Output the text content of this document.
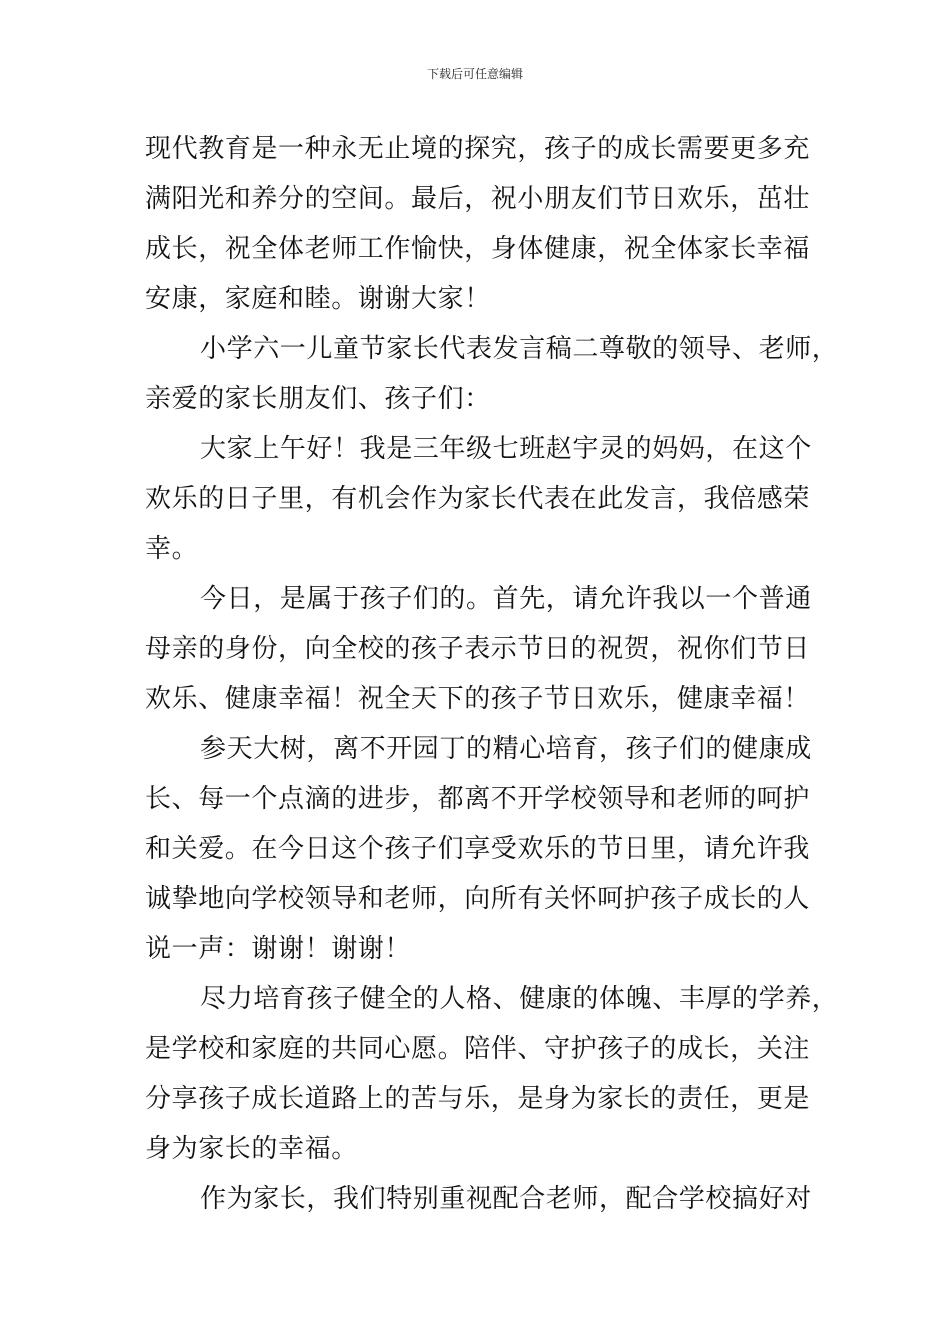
下载后可任意编辑

现代教育是一种永无止境的探究，孩子的成长需要更多充
满阳光和养分的空间。最后，祝小朋友们节日欢乐，茁壮
成长，祝全体老师工作愉快，身体健康，祝全体家长幸福
安康，家庭和睦。谢谢大家！

小学六一儿童节家长代表发言稿二尊敬的领导、老师，
亲爱的家长朋友们、孩子们：

大家上午好！我是三年级七班赵宇灵的妈妈，在这个
欢乐的日子里，有机会作为家长代表在此发言，我倍感荣
幸。

今日，是属于孩子们的。首先，请允许我以一个普通
母亲的身份，向全校的孩子表示节日的祝贺，祝你们节日
欢乐、健康幸福！祝全天下的孩子节日欢乐，健康幸福！

参天大树，离不开园丁的精心培育，孩子们的健康成
长、每一个点滴的进步，都离不开学校领导和老师的呵护
和关爱。在今日这个孩子们享受欢乐的节日里，请允许我
诚挚地向学校领导和老师，向所有关怀呵护孩子成长的人
说一声：谢谢！谢谢！

尽力培育孩子健全的人格、健康的体魄、丰厚的学养，
是学校和家庭的共同心愿。陪伴、守护孩子的成长，关注
分享孩子成长道路上的苦与乐，是身为家长的责任，更是
身为家长的幸福。

作为家长，我们特别重视配合老师，配合学校搞好对
